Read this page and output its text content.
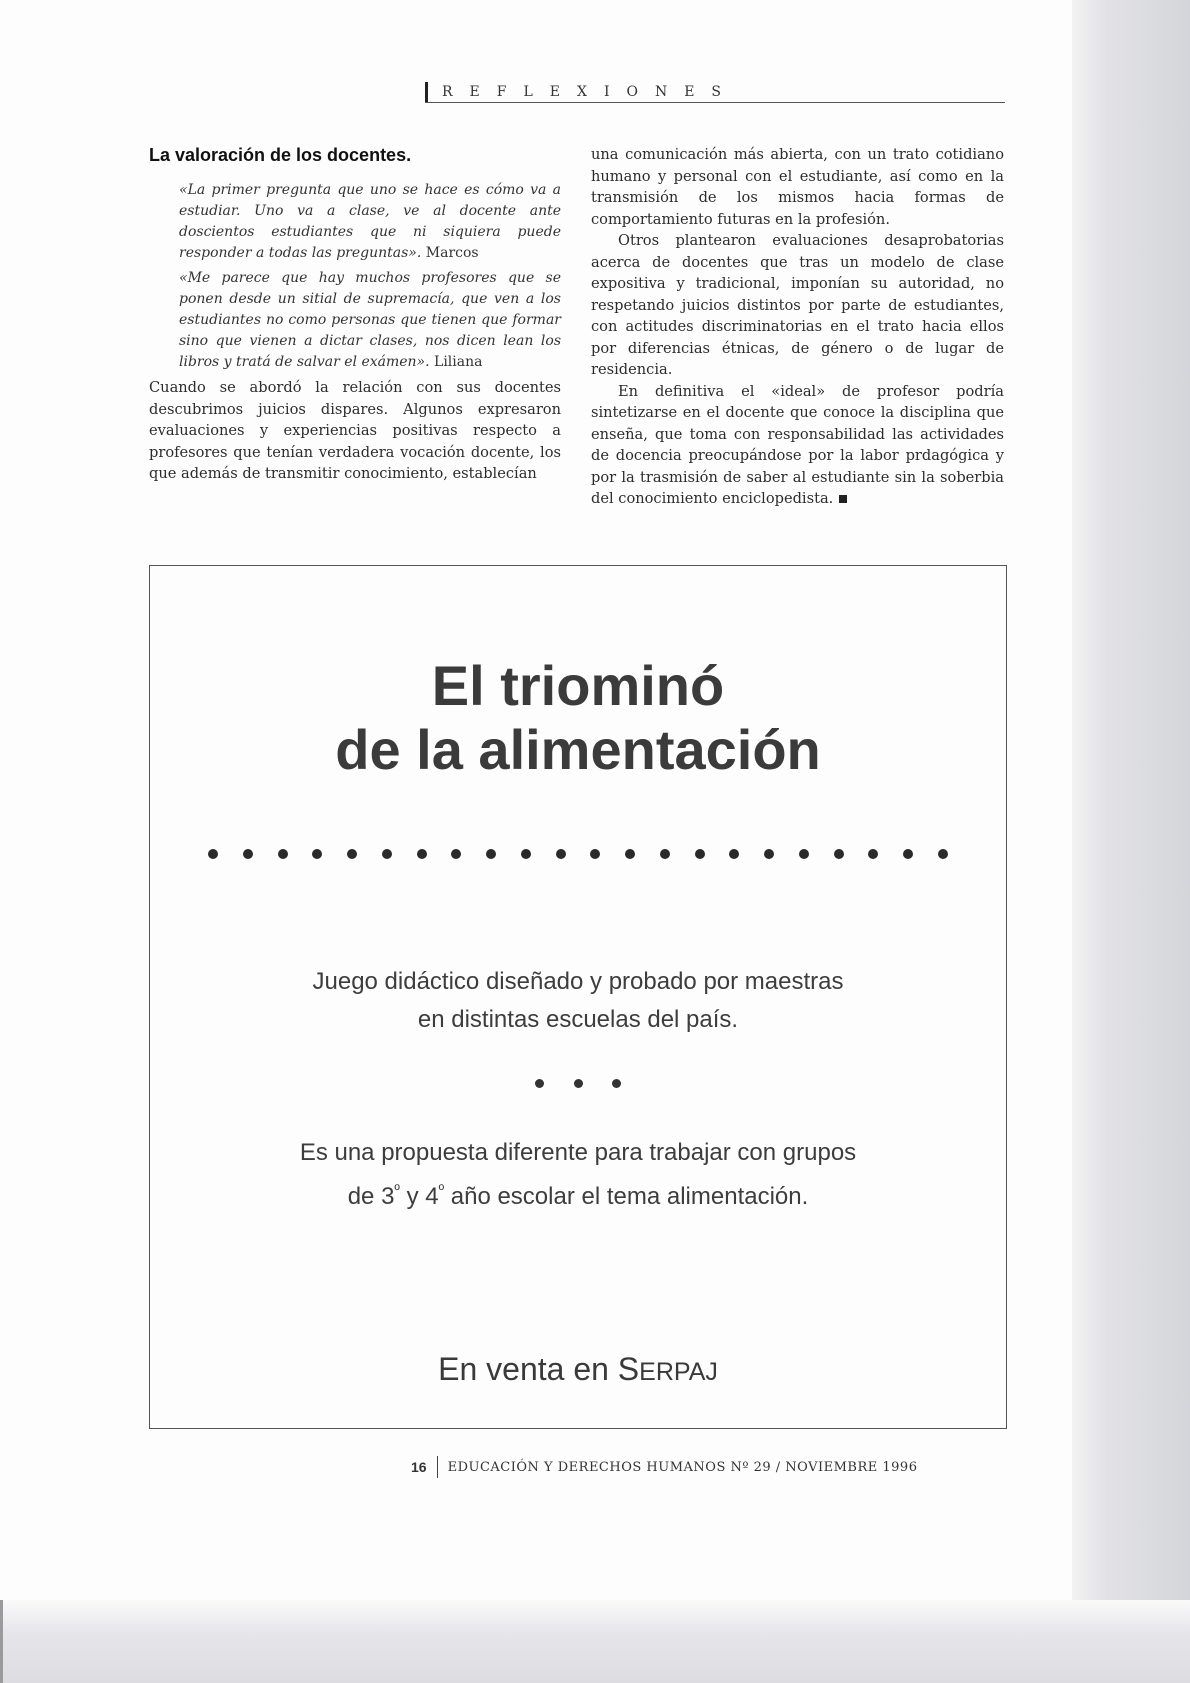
REFLEXIONES
La valoración de los docentes.

«La primer pregunta que uno se hace es cómo va a estudiar. Uno va a clase, ve al docente ante doscientos estudiantes que ni siquiera puede responder a todas las preguntas». Marcos

«Me parece que hay muchos profesores que se ponen desde un sitial de supremacía, que ven a los estudiantes no como personas que tienen que formar sino que vienen a dictar clases, nos dicen lean los libros y tratá de salvar el exámen». Liliana

Cuando se abordó la relación con sus docentes descubrimos juicios dispares. Algunos expresaron evaluaciones y experiencias positivas respecto a profesores que tenían verdadera vocación docente, los que además de transmitir conocimiento, establecían

una comunicación más abierta, con un trato cotidiano humano y personal con el estudiante, así como en la transmisión de los mismos hacia formas de comportamiento futuras en la profesión.

Otros plantearon evaluaciones desaprobatorias acerca de docentes que tras un modelo de clase expositiva y tradicional, imponían su autoridad, no respetando juicios distintos por parte de estudiantes, con actitudes discriminatorias en el trato hacia ellos por diferencias étnicas, de género o de lugar de residencia.

En definitiva el «ideal» de profesor podría sintetizarse en el docente que conoce la disciplina que enseña, que toma con responsabilidad las actividades de docencia preocupándose por la labor prdagógica y por la trasmisión de saber al estudiante sin la soberbia del conocimiento enciclopedista.

El triominó
de la alimentación

Juego didáctico diseñado y probado por maestras
en distintas escuelas del país.

Es una propuesta diferente para trabajar con grupos
de $3^º$ y $4^º$ año escolar el tema alimentación.

En venta en SERPAJ
16 EDUCACIÓN Y DERECHOS HUMANOS Nº 29 / NOVIEMBRE 1996
